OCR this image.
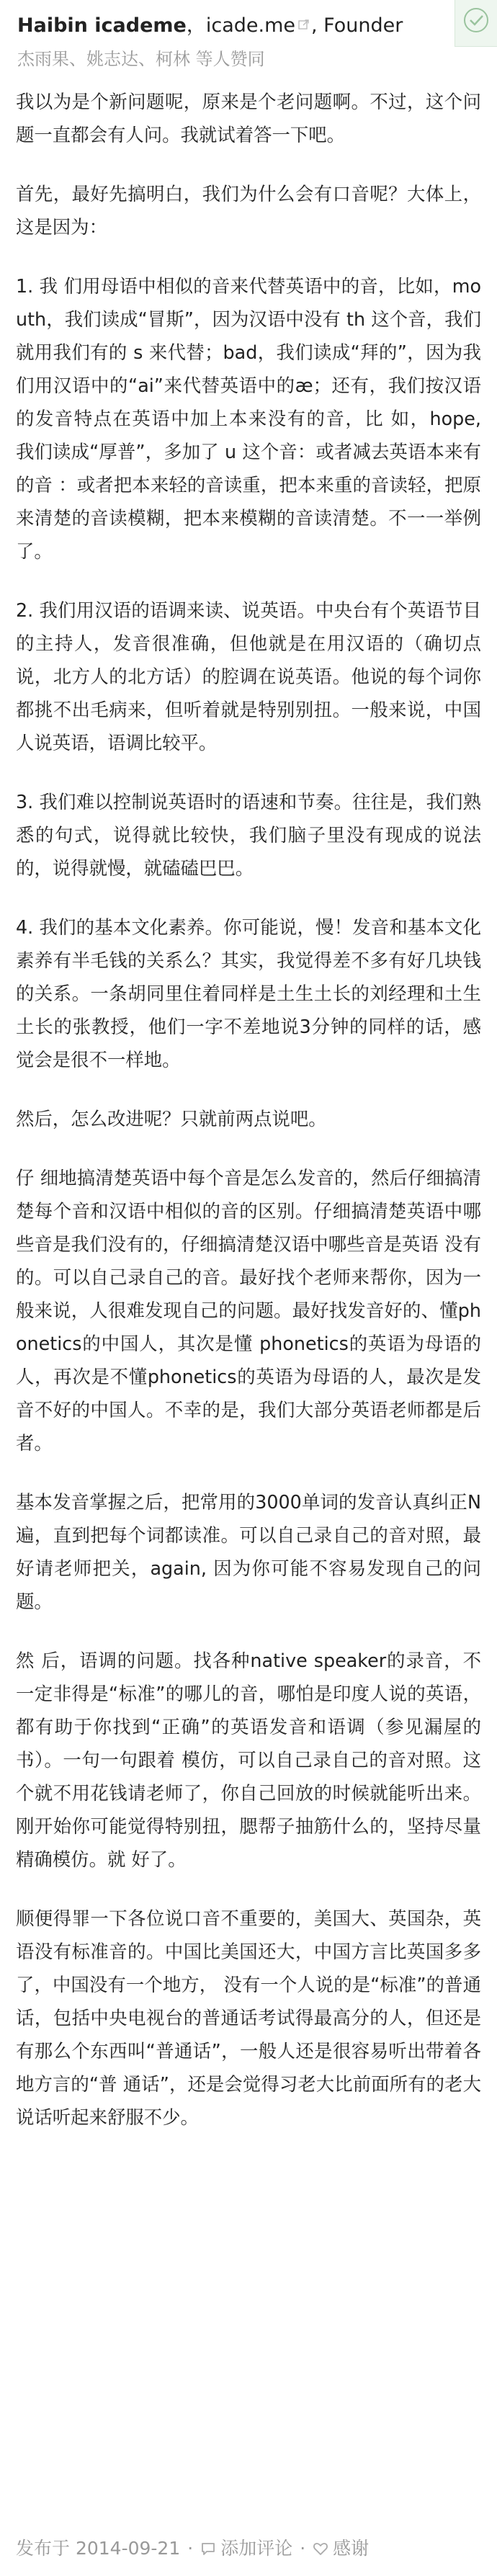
Haibin icademe，icade.me , Founder
杰雨果、姚志达、柯林 等人赞同

我以为是个新问题呢，原来是个老问题啊。不过，这个问题一直都会有人问。我就试着答一下吧。

首先，最好先搞明白，我们为什么会有口音呢？大体上，这是因为：

1. 我 们用母语中相似的音来代替英语中的音，比如，mouth，我们读成“冒斯”，因为汉语中没有 th 这个音，我们就用我们有的 s 来代替；bad，我们读成“拜的”，因为我们用汉语中的“ai”来代替英语中的æ；还有，我们按汉语的发音特点在英语中加上本来没有的音，比 如，hope, 我们读成“厚普”，多加了 u 这个音：或者减去英语本来有的音 ：或者把本来轻的音读重，把本来重的音读轻，把原来清楚的音读模糊，把本来模糊的音读清楚。不一一举例了。

2. 我们用汉语的语调来读、说英语。中央台有个英语节目的主持人，发音很准确，但他就是在用汉语的（确切点说，北方人的北方话）的腔调在说英语。他说的每个词你都挑不出毛病来，但听着就是特别别扭。一般来说，中国人说英语，语调比较平。

3. 我们难以控制说英语时的语速和节奏。往往是，我们熟悉的句式，说得就比较快，我们脑子里没有现成的说法的，说得就慢，就磕磕巴巴。

4. 我们的基本文化素养。你可能说，慢！发音和基本文化素养有半毛钱的关系么？其实，我觉得差不多有好几块钱的关系。一条胡同里住着同样是土生土长的刘经理和土生土长的张教授，他们一字不差地说3分钟的同样的话，感觉会是很不一样地。

然后，怎么改进呢？只就前两点说吧。

仔 细地搞清楚英语中每个音是怎么发音的，然后仔细搞清楚每个音和汉语中相似的音的区别。仔细搞清楚英语中哪些音是我们没有的，仔细搞清楚汉语中哪些音是英语 没有的。可以自己录自己的音。最好找个老师来帮你，因为一般来说，人很难发现自己的问题。最好找发音好的、懂phonetics的中国人，其次是懂 phonetics的英语为母语的人，再次是不懂phonetics的英语为母语的人，最次是发音不好的中国人。不幸的是，我们大部分英语老师都是后者。

基本发音掌握之后，把常用的3000单词的发音认真纠正N遍，直到把每个词都读准。可以自己录自己的音对照，最好请老师把关，again, 因为你可能不容易发现自己的问题。

然 后，语调的问题。找各种native speaker的录音，不一定非得是“标准”的哪儿的音，哪怕是印度人说的英语，都有助于你找到“正确”的英语发音和语调（参见漏屋的书）。一句一句跟着 模仿，可以自己录自己的音对照。这个就不用花钱请老师了，你自己回放的时候就能听出来。刚开始你可能觉得特别扭，腮帮子抽筋什么的，坚持尽量精确模仿。就 好了。

顺便得罪一下各位说口音不重要的，美国大、英国杂，英语没有标准音的。中国比美国还大，中国方言比英国多多了，中国没有一个地方， 没有一个人说的是“标准”的普通话，包括中央电视台的普通话考试得最高分的人，但还是有那么个东西叫“普通话”，一般人还是很容易听出带着各地方言的“普 通话”，还是会觉得习老大比前面所有的老大说话听起来舒服不少。

发布于 2014-09-21 · 添加评论 · 感谢
